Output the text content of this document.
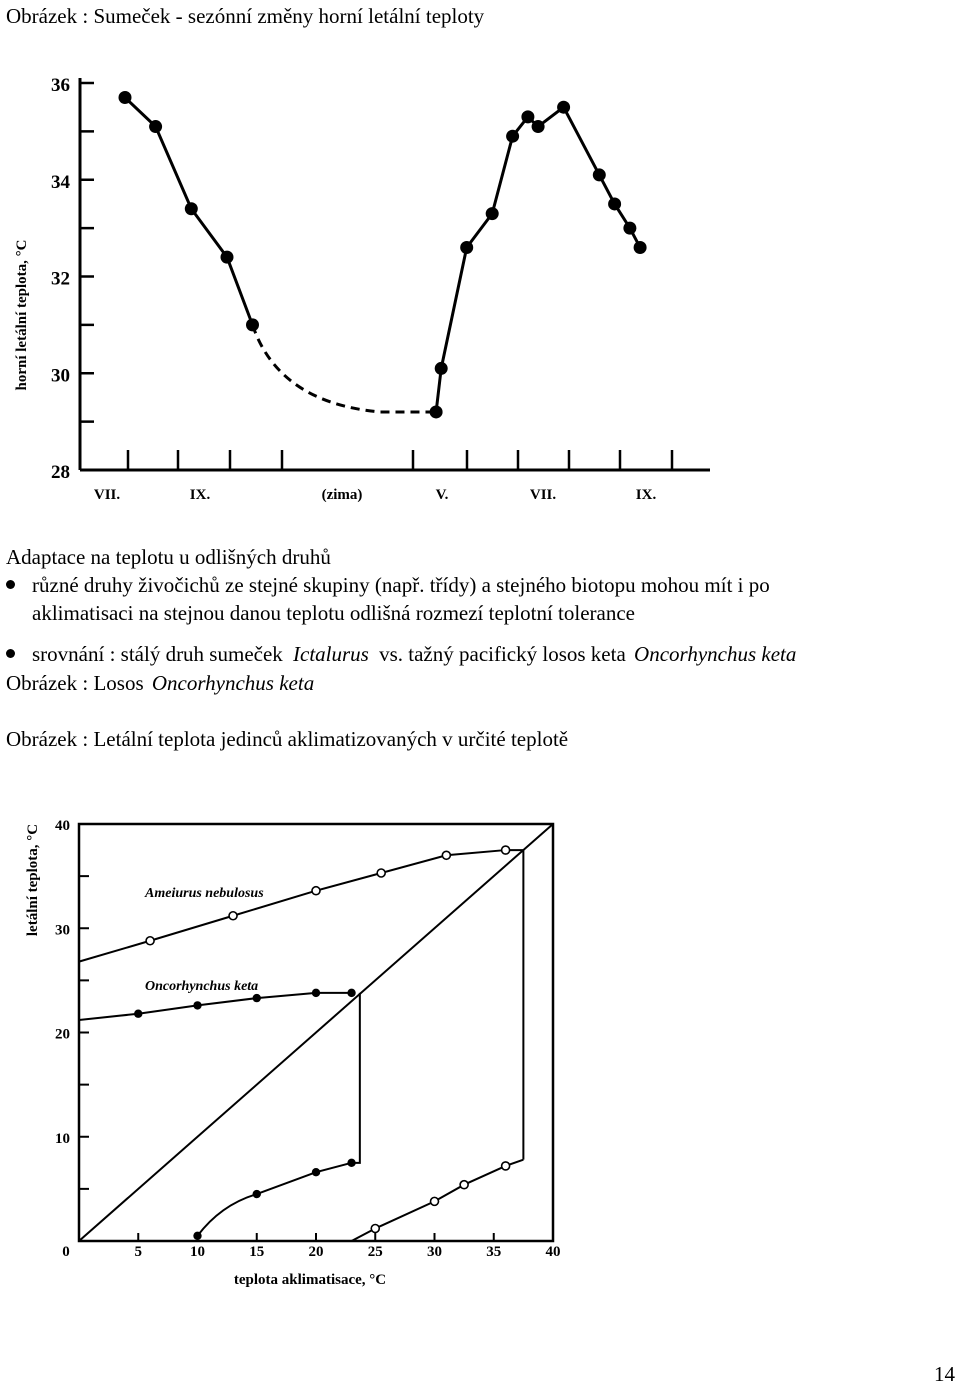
Obrázek : Sumeček - sezónní změny horní letální teploty
horní letální teplota, °C
36
34
32
30
28
VII.	IX.	(zima)	V.	VII.	IX.
Adaptace na teplotu u odlišných druhů
různé druhy živočichů ze stejné skupiny (např. třídy) a stejného biotopu mohou mít i po
aklimatisaci na stejnou danou teplotu odlišná rozmezí teplotní tolerance
srovnání : stálý druh sumeček Ictalurus vs. tažný pacifický losos keta Oncorhynchus keta
Obrázek : Losos Oncorhynchus keta
Obrázek : Letální teplota jedinců aklimatizovaných v určité teplotě
40
30
20
10
0	5	10	15	20	25	30	35	40
letální teplota, °C
teplota aklimatisace, °C
Ameiurus nebulosus
Oncorhynchus keta
14
